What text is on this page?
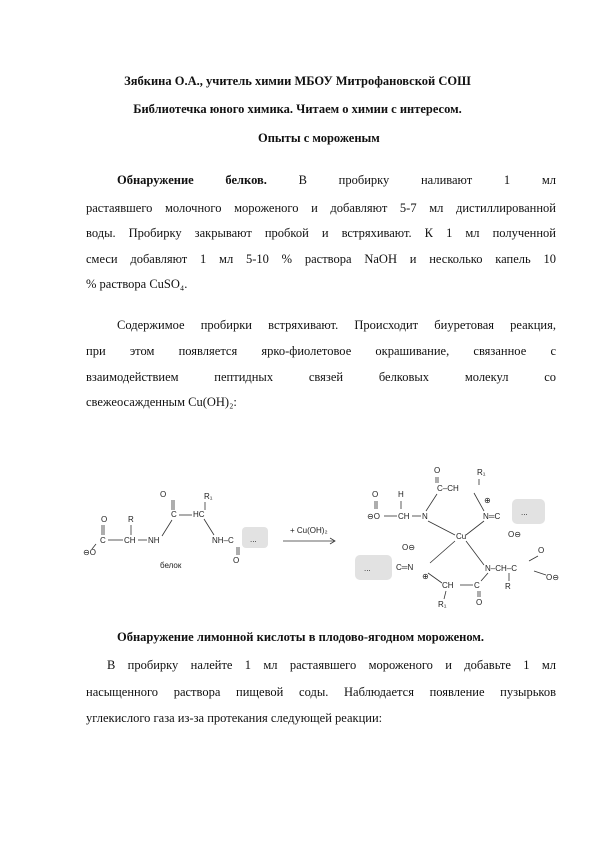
Зябкина О.А., учитель химии МБОУ Митрофановской СОШ
Библиотечка юного химика. Читаем о химии с интересом.
Опыты с мороженым
Обнаружение белков.	В пробирку наливают 1 мл
растаявшего молочного мороженого и добавляют 5-7 мл дистиллированной
воды. Пробирку закрывают пробкой и встряхивают. К 1 мл полученной
смеси добавляют 1 мл 5-10 % раствора NaOH и несколько капель 10
% раствора CuSO₄.
Содержимое пробирки встряхивают. Происходит биуретовая реакция,
при этом появляется ярко-фиолетовое окрашивание, связанное с
взаимодействием пептидных связей белковых молекул со
свежеосажденным Cu(OH)₂:
O
C
⊖O
R
CH NH
O
C
R₁
HC
NH–C
O
белок
...
+ Cu(OH)₂
O
⊖O
H
CH N
O
C–CH
R₁
⊕
N═C
O⊖
Cu
O⊖
C═N
⊕
CH	C
O
R₁
N–CH–C
O
O⊖
R
...
...
Обнаружение лимонной кислоты в плодово-ягодном мороженом.
В пробирку налейте 1 мл растаявшего мороженого и добавьте 1 мл
насыщенного раствора пищевой соды. Наблюдается появление пузырьков
углекислого газа из-за протекания следующей реакции:
